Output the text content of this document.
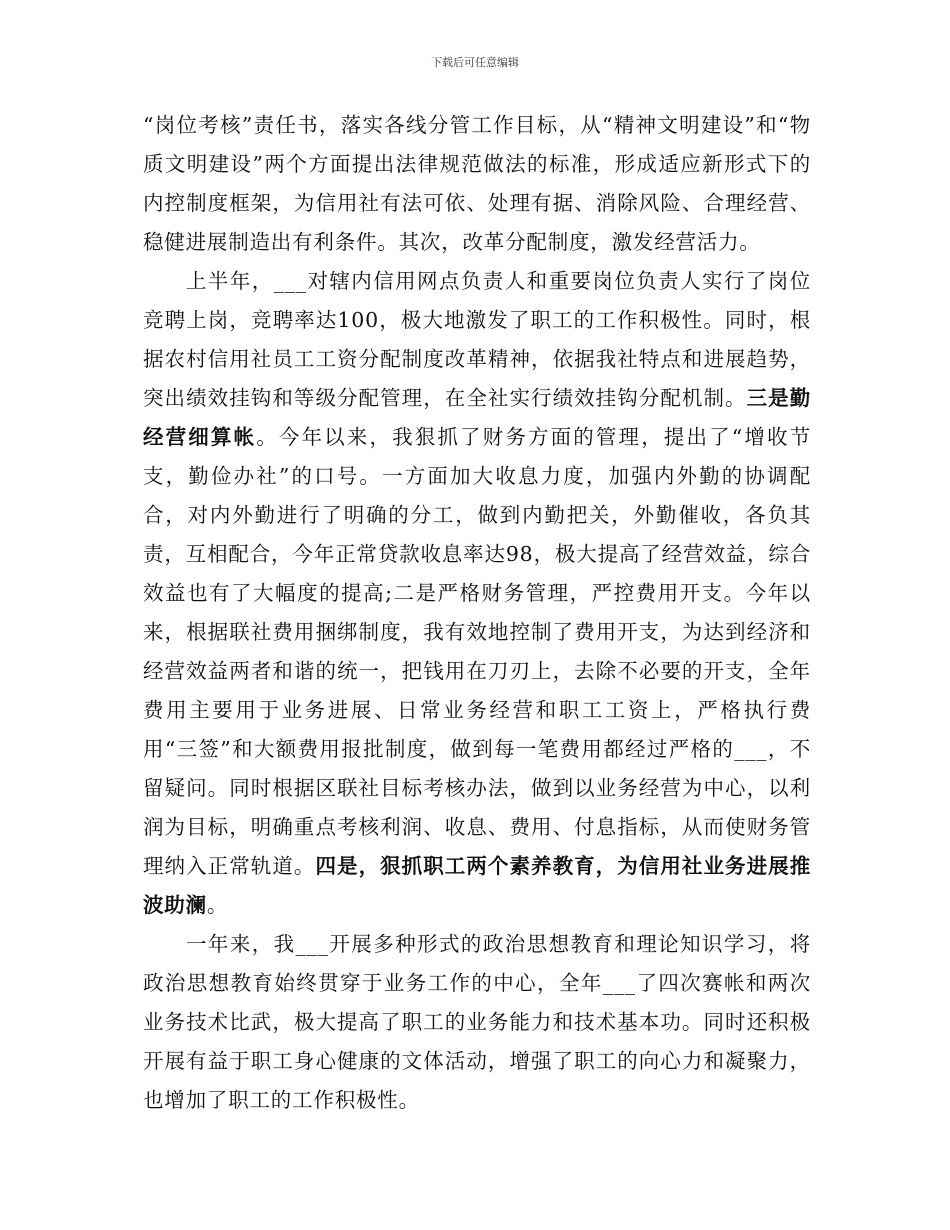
下载后可任意编辑

“岗位考核”责任书，落实各线分管工作目标，从“精神文明建设”和“物质文明建设”两个方面提出法律规范做法的标准，形成适应新形式下的内控制度框架，为信用社有法可依、处理有据、消除风险、合理经营、稳健进展制造出有利条件。其次，改革分配制度，激发经营活力。

上半年，___对辖内信用网点负责人和重要岗位负责人实行了岗位竞聘上岗，竞聘率达100，极大地激发了职工的工作积极性。同时，根据农村信用社员工工资分配制度改革精神，依据我社特点和进展趋势，突出绩效挂钩和等级分配管理，在全社实行绩效挂钩分配机制。三是勤经营细算帐。今年以来，我狠抓了财务方面的管理，提出了“增收节支，勤俭办社”的口号。一方面加大收息力度，加强内外勤的协调配合，对内外勤进行了明确的分工，做到内勤把关，外勤催收，各负其责，互相配合，今年正常贷款收息率达98，极大提高了经营效益，综合效益也有了大幅度的提高;二是严格财务管理，严控费用开支。今年以来，根据联社费用捆绑制度，我有效地控制了费用开支，为达到经济和经营效益两者和谐的统一，把钱用在刀刃上，去除不必要的开支，全年费用主要用于业务进展、日常业务经营和职工工资上，严格执行费用“三签”和大额费用报批制度，做到每一笔费用都经过严格的___，不留疑问。同时根据区联社目标考核办法，做到以业务经营为中心，以利润为目标，明确重点考核利润、收息、费用、付息指标，从而使财务管理纳入正常轨道。四是，狠抓职工两个素养教育，为信用社业务进展推波助澜。

一年来，我___开展多种形式的政治思想教育和理论知识学习，将政治思想教育始终贯穿于业务工作的中心，全年___了四次赛帐和两次业务技术比武，极大提高了职工的业务能力和技术基本功。同时还积极开展有益于职工身心健康的文体活动，增强了职工的向心力和凝聚力，也增加了职工的工作积极性。
